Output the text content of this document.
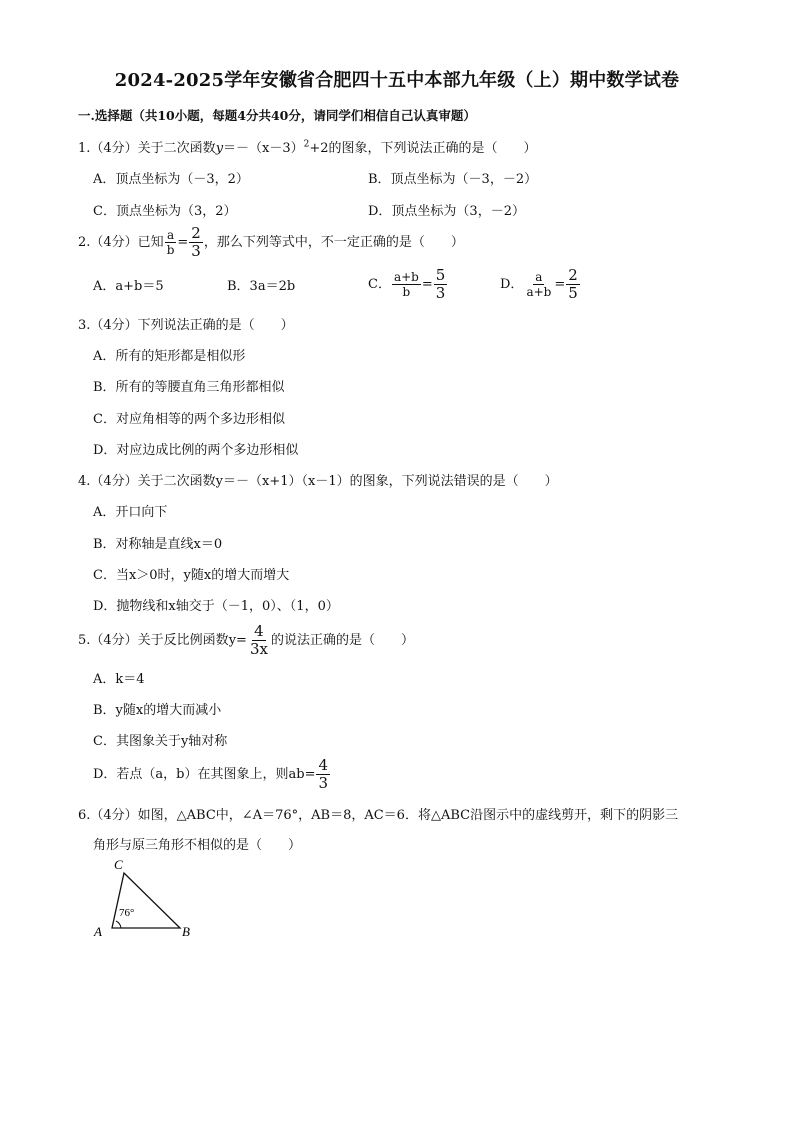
2024-2025学年安徽省合肥四十五中本部九年级（上）期中数学试卷
一.选择题（共10小题，每题4分共40分，请同学们相信自己认真审题）
1.（4分）关于二次函数$y=-(x-3)^2+2$的图象，下列说法正确的是（　　）
A．顶点坐标为（－3，2）	B．顶点坐标为（－3，－2）
C．顶点坐标为（3，2）	D．顶点坐标为（3，－2）
2.（4分）已知 $\frac{a}{b} = \frac{2}{3}$ ，那么下列等式中，不一定正确的是（　　）
A．a+b＝5	B．3a＝2b	C． $\frac{a+b}{b} = \frac{5}{3}$	D． $\frac{a}{a+b} = \frac{2}{5}$
3.（4分）下列说法正确的是（　　）
A．所有的矩形都是相似形
B．所有的等腰直角三角形都相似
C．对应角相等的两个多边形相似
D．对应边成比例的两个多边形相似
4.（4分）关于二次函数y＝－（x+1）（x－1）的图象，下列说法错误的是（　　）
A．开口向下
B．对称轴是直线x＝0
C．当x＞0时，y随x的增大而增大
D．抛物线和x轴交于（－1，0）、（1，0）
5.（4分）关于反比例函数$y= \frac{4}{3x}$ 的说法正确的是（　　）
A．k＝4
B．y随x的增大而减小
C．其图象关于y轴对称
D．若点（a，b）在其图象上，则$ab= \frac{4}{3}$
6.（4分）如图，△ABC中，∠A＝76°，AB＝8，AC＝6．将△ABC沿图示中的虚线剪开，剩下的阴影三
角形与原三角形不相似的是（　　）
C
A	B
76°
